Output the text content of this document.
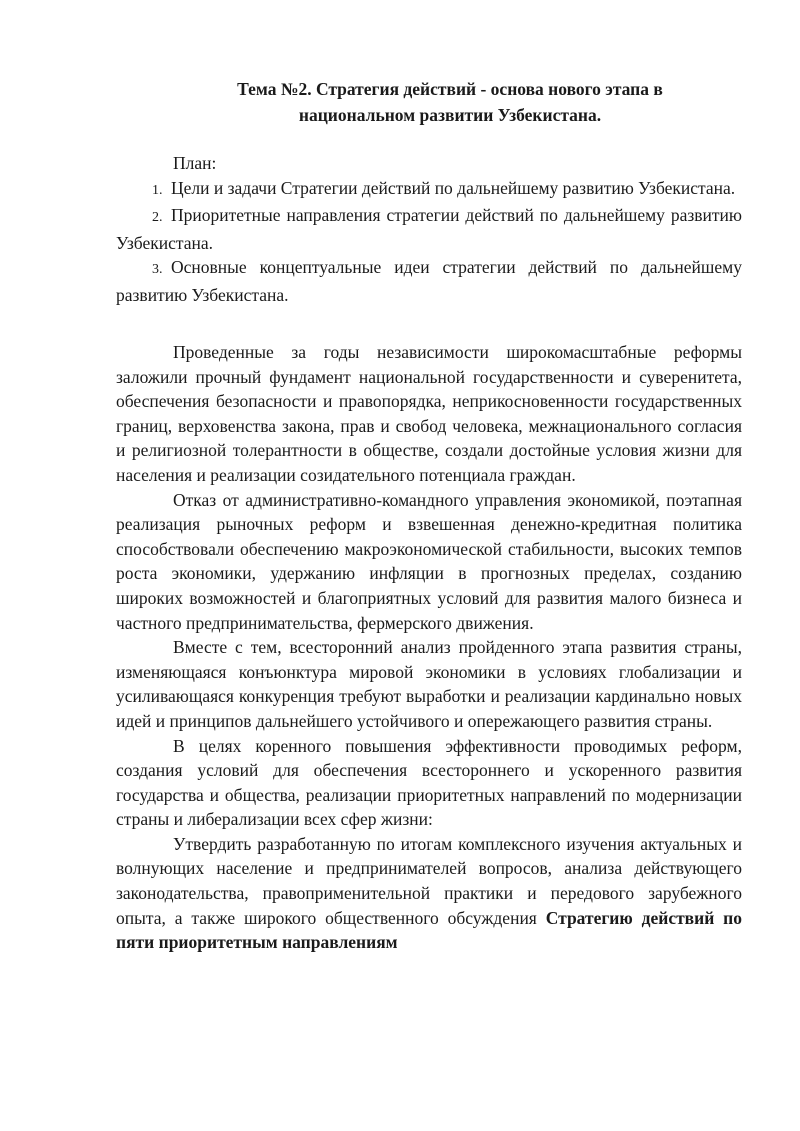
Тема №2. Стратегия действий - основа нового этапа в
национальном развитии Узбекистана.

План:

1. Цели и задачи Стратегии действий по дальнейшему развитию Узбекистана.
2. Приоритетные направления стратегии действий по дальнейшему развитию Узбекистана.
3. Основные концептуальные идеи стратегии действий по дальнейшему развитию Узбекистана.

Проведенные за годы независимости широкомасштабные реформы заложили прочный фундамент национальной государственности и суверенитета, обеспечения безопасности и правопорядка, неприкосновенности государственных границ, верховенства закона, прав и свобод человека, межнационального согласия и религиозной толерантности в обществе, создали достойные условия жизни для населения и реализации созидательного потенциала граждан.

Отказ от административно-командного управления экономикой, поэтапная реализация рыночных реформ и взвешенная денежно-кредитная политика способствовали обеспечению макроэкономической стабильности, высоких темпов роста экономики, удержанию инфляции в прогнозных пределах, созданию широких возможностей и благоприятных условий для развития малого бизнеса и частного предпринимательства, фермерского движения.

Вместе с тем, всесторонний анализ пройденного этапа развития страны, изменяющаяся конъюнктура мировой экономики в условиях глобализации и усиливающаяся конкуренция требуют выработки и реализации кардинально новых идей и принципов дальнейшего устойчивого и опережающего развития страны.

В целях коренного повышения эффективности проводимых реформ, создания условий для обеспечения всестороннего и ускоренного развития государства и общества, реализации приоритетных направлений по модернизации страны и либерализации всех сфер жизни:

Утвердить разработанную по итогам комплексного изучения актуальных и волнующих население и предпринимателей вопросов, анализа действующего законодательства, правоприменительной практики и передового зарубежного опыта, а также широкого общественного обсуждения Стратегию действий по пяти приоритетным направлениям
